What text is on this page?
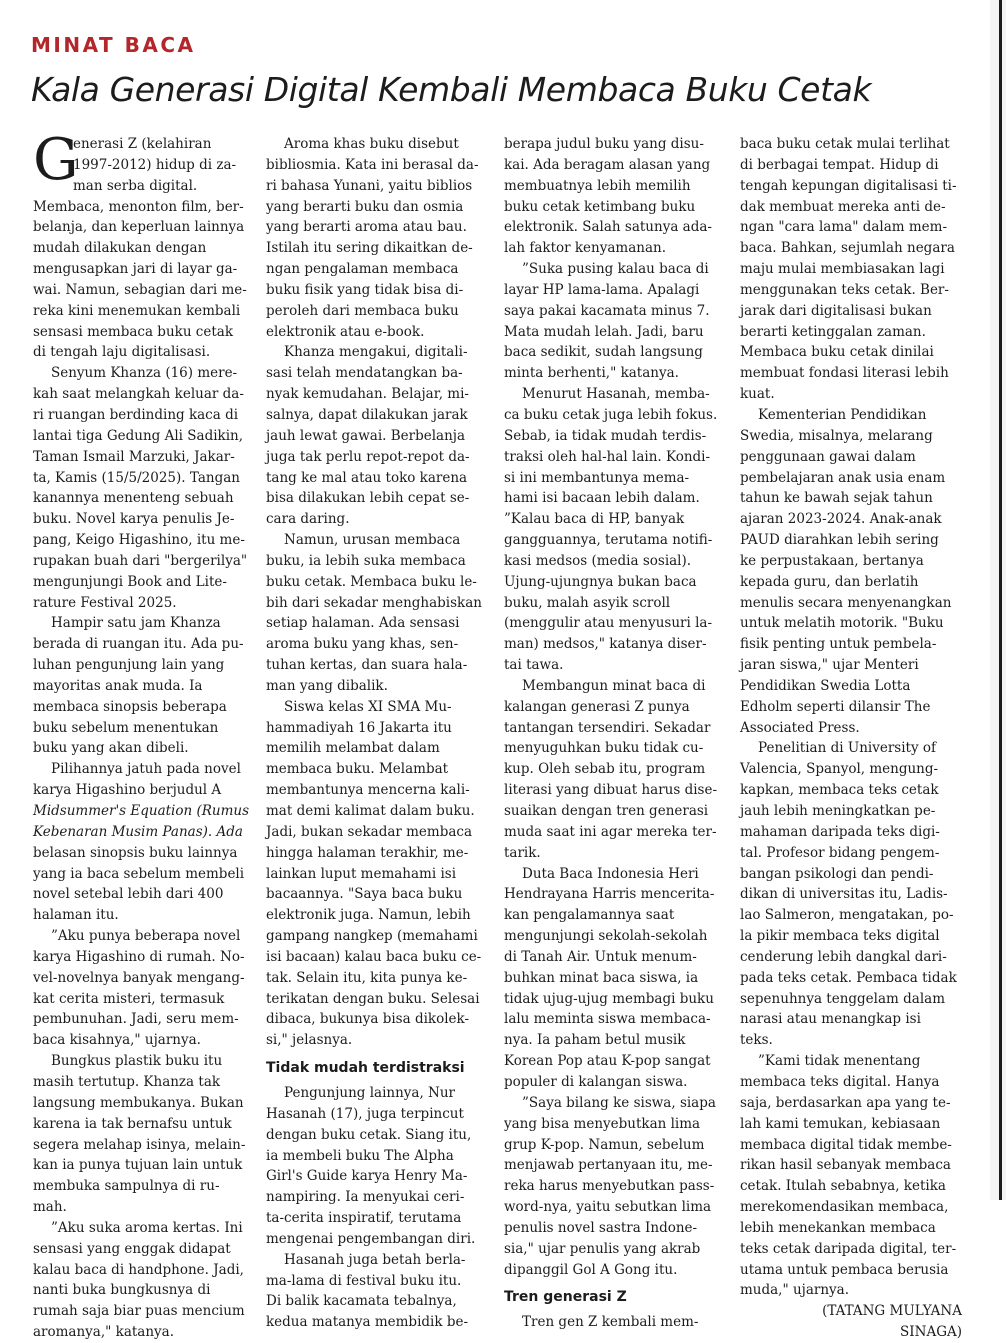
MINAT BACA
Kala Generasi Digital Kembali Membaca Buku Cetak
G
enerasi Z (kelahiran
1997-2012) hidup di za-
man serba digital.
Membaca, menonton film, ber-
belanja, dan keperluan lainnya
mudah dilakukan dengan
mengusapkan jari di layar ga-
wai. Namun, sebagian dari me-
reka kini menemukan kembali
sensasi membaca buku cetak
di tengah laju digitalisasi.
Senyum Khanza (16) mere-
kah saat melangkah keluar da-
ri ruangan berdinding kaca di
lantai tiga Gedung Ali Sadikin,
Taman Ismail Marzuki, Jakar-
ta, Kamis (15/5/2025). Tangan
kanannya menenteng sebuah
buku. Novel karya penulis Je-
pang, Keigo Higashino, itu me-
rupakan buah dari "bergerilya"
mengunjungi Book and Lite-
rature Festival 2025.
Hampir satu jam Khanza
berada di ruangan itu. Ada pu-
luhan pengunjung lain yang
mayoritas anak muda. Ia
membaca sinopsis beberapa
buku sebelum menentukan
buku yang akan dibeli.
Pilihannya jatuh pada novel
karya Higashino berjudul A
Midsummer's Equation (Rumus
Kebenaran Musim Panas). Ada
belasan sinopsis buku lainnya
yang ia baca sebelum membeli
novel setebal lebih dari 400
halaman itu.
”Aku punya beberapa novel
karya Higashino di rumah. No-
vel-novelnya banyak mengang-
kat cerita misteri, termasuk
pembunuhan. Jadi, seru mem-
baca kisahnya," ujarnya.
Bungkus plastik buku itu
masih tertutup. Khanza tak
langsung membukanya. Bukan
karena ia tak bernafsu untuk
segera melahap isinya, melain-
kan ia punya tujuan lain untuk
membuka sampulnya di ru-
mah.
”Aku suka aroma kertas. Ini
sensasi yang enggak didapat
kalau baca di handphone. Jadi,
nanti buka bungkusnya di
rumah saja biar puas mencium
aromanya," katanya.
Aroma khas buku disebut
bibliosmia. Kata ini berasal da-
ri bahasa Yunani, yaitu biblios
yang berarti buku dan osmia
yang berarti aroma atau bau.
Istilah itu sering dikaitkan de-
ngan pengalaman membaca
buku fisik yang tidak bisa di-
peroleh dari membaca buku
elektronik atau e-book.
Khanza mengakui, digitali-
sasi telah mendatangkan ba-
nyak kemudahan. Belajar, mi-
salnya, dapat dilakukan jarak
jauh lewat gawai. Berbelanja
juga tak perlu repot-repot da-
tang ke mal atau toko karena
bisa dilakukan lebih cepat se-
cara daring.
Namun, urusan membaca
buku, ia lebih suka membaca
buku cetak. Membaca buku le-
bih dari sekadar menghabiskan
setiap halaman. Ada sensasi
aroma buku yang khas, sen-
tuhan kertas, dan suara hala-
man yang dibalik.
Siswa kelas XI SMA Mu-
hammadiyah 16 Jakarta itu
memilih melambat dalam
membaca buku. Melambat
membantunya mencerna kali-
mat demi kalimat dalam buku.
Jadi, bukan sekadar membaca
hingga halaman terakhir, me-
lainkan luput memahami isi
bacaannya. "Saya baca buku
elektronik juga. Namun, lebih
gampang nangkep (memahami
isi bacaan) kalau baca buku ce-
tak. Selain itu, kita punya ke-
terikatan dengan buku. Selesai
dibaca, bukunya bisa dikolek-
si," jelasnya.
Tidak mudah terdistraksi
Pengunjung lainnya, Nur
Hasanah (17), juga terpincut
dengan buku cetak. Siang itu,
ia membeli buku The Alpha
Girl's Guide karya Henry Ma-
nampiring. Ia menyukai ceri-
ta-cerita inspiratif, terutama
mengenai pengembangan diri.
Hasanah juga betah berla-
ma-lama di festival buku itu.
Di balik kacamata tebalnya,
kedua matanya membidik be-
berapa judul buku yang disu-
kai. Ada beragam alasan yang
membuatnya lebih memilih
buku cetak ketimbang buku
elektronik. Salah satunya ada-
lah faktor kenyamanan.
”Suka pusing kalau baca di
layar HP lama-lama. Apalagi
saya pakai kacamata minus 7.
Mata mudah lelah. Jadi, baru
baca sedikit, sudah langsung
minta berhenti," katanya.
Menurut Hasanah, memba-
ca buku cetak juga lebih fokus.
Sebab, ia tidak mudah terdis-
traksi oleh hal-hal lain. Kondi-
si ini membantunya mema-
hami isi bacaan lebih dalam.
”Kalau baca di HP, banyak
gangguannya, terutama notifi-
kasi medsos (media sosial).
Ujung-ujungnya bukan baca
buku, malah asyik scroll
(menggulir atau menyusuri la-
man) medsos," katanya diser-
tai tawa.
Membangun minat baca di
kalangan generasi Z punya
tantangan tersendiri. Sekadar
menyuguhkan buku tidak cu-
kup. Oleh sebab itu, program
literasi yang dibuat harus dise-
suaikan dengan tren generasi
muda saat ini agar mereka ter-
tarik.
Duta Baca Indonesia Heri
Hendrayana Harris mencerita-
kan pengalamannya saat
mengunjungi sekolah-sekolah
di Tanah Air. Untuk menum-
buhkan minat baca siswa, ia
tidak ujug-ujug membagi buku
lalu meminta siswa membaca-
nya. Ia paham betul musik
Korean Pop atau K-pop sangat
populer di kalangan siswa.
”Saya bilang ke siswa, siapa
yang bisa menyebutkan lima
grup K-pop. Namun, sebelum
menjawab pertanyaan itu, me-
reka harus menyebutkan pass-
word-nya, yaitu sebutkan lima
penulis novel sastra Indone-
sia," ujar penulis yang akrab
dipanggil Gol A Gong itu.
Tren generasi Z
Tren gen Z kembali mem-
baca buku cetak mulai terlihat
di berbagai tempat. Hidup di
tengah kepungan digitalisasi ti-
dak membuat mereka anti de-
ngan "cara lama" dalam mem-
baca. Bahkan, sejumlah negara
maju mulai membiasakan lagi
menggunakan teks cetak. Ber-
jarak dari digitalisasi bukan
berarti ketinggalan zaman.
Membaca buku cetak dinilai
membuat fondasi literasi lebih
kuat.
Kementerian Pendidikan
Swedia, misalnya, melarang
penggunaan gawai dalam
pembelajaran anak usia enam
tahun ke bawah sejak tahun
ajaran 2023-2024. Anak-anak
PAUD diarahkan lebih sering
ke perpustakaan, bertanya
kepada guru, dan berlatih
menulis secara menyenangkan
untuk melatih motorik. "Buku
fisik penting untuk pembela-
jaran siswa," ujar Menteri
Pendidikan Swedia Lotta
Edholm seperti dilansir The
Associated Press.
Penelitian di University of
Valencia, Spanyol, mengung-
kapkan, membaca teks cetak
jauh lebih meningkatkan pe-
mahaman daripada teks digi-
tal. Profesor bidang pengem-
bangan psikologi dan pendi-
dikan di universitas itu, Ladis-
lao Salmeron, mengatakan, po-
la pikir membaca teks digital
cenderung lebih dangkal dari-
pada teks cetak. Pembaca tidak
sepenuhnya tenggelam dalam
narasi atau menangkap isi
teks.
”Kami tidak menentang
membaca teks digital. Hanya
saja, berdasarkan apa yang te-
lah kami temukan, kebiasaan
membaca digital tidak membe-
rikan hasil sebanyak membaca
cetak. Itulah sebabnya, ketika
merekomendasikan membaca,
lebih menekankan membaca
teks cetak daripada digital, ter-
utama untuk pembaca berusia
muda," ujarnya.
(TATANG MULYANA
SINAGA)
